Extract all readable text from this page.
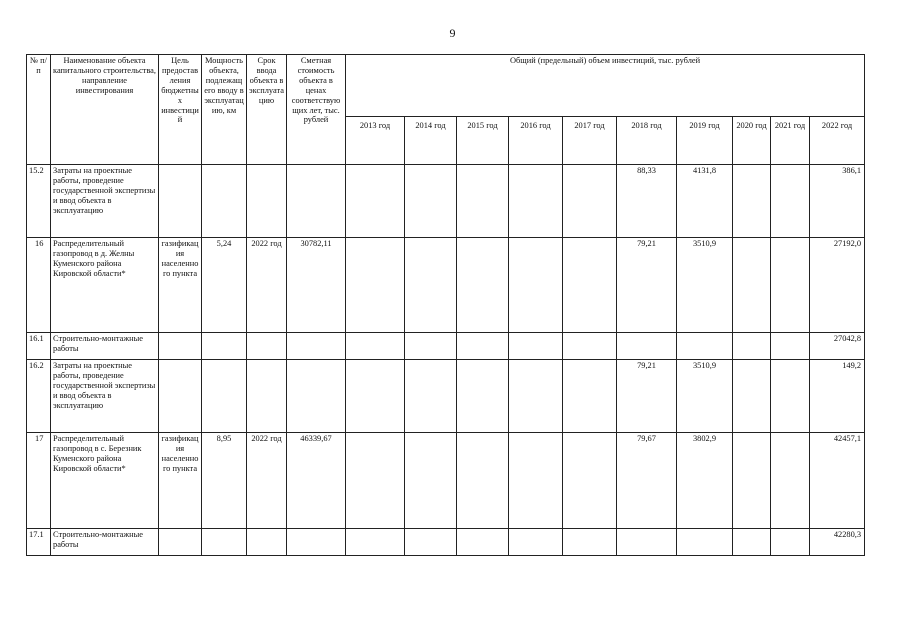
9
№ п/п	Наименование объекта капитального строительства, направление инвестирования	Цель предоставления бюджетных инвестиций	Мощность объекта, подлежащего вводу в эксплуатацию, км	Срок ввода объекта в эксплуатацию	Сметная стоимость объекта в ценах соответствующих лет, тыс. рублей	Общий (предельный) объем инвестиций, тыс. рублей									
						2013 год	2014 год	2015 год	2016 год	2017 год	2018 год	2019 год	2020 год	2021 год	2022 год
15.2	Затраты на проектные работы, проведение государственной экспертизы и ввод объекта в эксплуатацию										88,33	4131,8			386,1
16	Распределительный газопровод в д. Желны Куменского района Кировской области*	газификация населенного пункта	5,24	2022 год	30782,11						79,21	3510,9			27192,0
16.1	Строительно-монтажные работы														27042,8
16.2	Затраты на проектные работы, проведение государственной экспертизы и ввод объекта в эксплуатацию										79,21	3510,9			149,2
17	Распределительный газопровод в с. Березник Куменского района Кировской области*	газификация населенного пункта	8,95	2022 год	46339,67						79,67	3802,9			42457,1
17.1	Строительно-монтажные работы														42280,3
